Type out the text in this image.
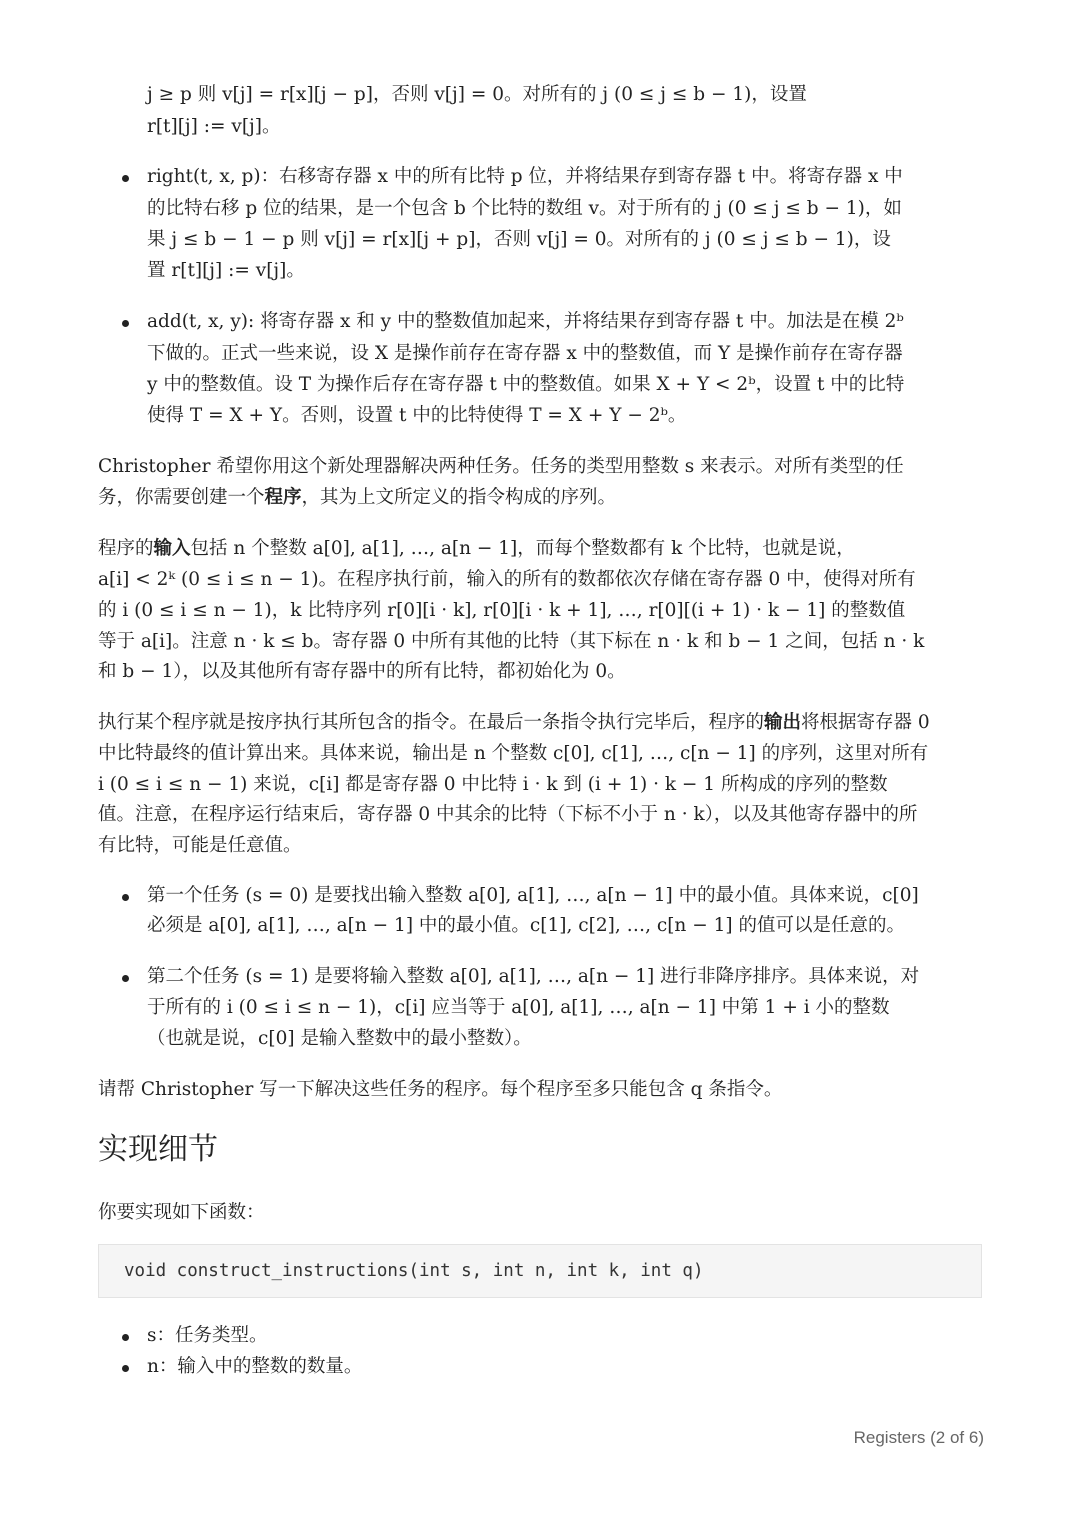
j ≥ p 则 v[j] = r[x][j − p]，否则 v[j] = 0。对所有的 j (0 ≤ j ≤ b − 1)，设置
r[t][j] := v[j]。
right(t, x, p)：右移寄存器 x 中的所有比特 p 位，并将结果存到寄存器 t 中。将寄存器 x 中
的比特右移 p 位的结果，是一个包含 b 个比特的数组 v。对于所有的 j (0 ≤ j ≤ b − 1)，如
果 j ≤ b − 1 − p 则 v[j] = r[x][j + p]，否则 v[j] = 0。对所有的 j (0 ≤ j ≤ b − 1)，设
置 r[t][j] := v[j]。
add(t, x, y): 将寄存器 x 和 y 中的整数值加起来，并将结果存到寄存器 t 中。加法是在模 2ᵇ
下做的。正式一些来说，设 X 是操作前存在寄存器 x 中的整数值，而 Y 是操作前存在寄存器
y 中的整数值。设 T 为操作后存在寄存器 t 中的整数值。如果 X + Y < 2ᵇ，设置 t 中的比特
使得 T = X + Y。否则，设置 t 中的比特使得 T = X + Y − 2ᵇ。
Christopher 希望你用这个新处理器解决两种任务。任务的类型用整数 s 来表示。对所有类型的任
务，你需要创建一个程序，其为上文所定义的指令构成的序列。
程序的输入包括 n 个整数 a[0], a[1], …, a[n − 1]，而每个整数都有 k 个比特，也就是说，
a[i] < 2ᵏ (0 ≤ i ≤ n − 1)。在程序执行前，输入的所有的数都依次存储在寄存器 0 中，使得对所有
的 i (0 ≤ i ≤ n − 1)，k 比特序列 r[0][i · k], r[0][i · k + 1], …, r[0][(i + 1) · k − 1] 的整数值
等于 a[i]。注意 n · k ≤ b。寄存器 0 中所有其他的比特（其下标在 n · k 和 b − 1 之间，包括 n · k
和 b − 1），以及其他所有寄存器中的所有比特，都初始化为 0。
执行某个程序就是按序执行其所包含的指令。在最后一条指令执行完毕后，程序的输出将根据寄存器 0
中比特最终的值计算出来。具体来说，输出是 n 个整数 c[0], c[1], …, c[n − 1] 的序列，这里对所有
i (0 ≤ i ≤ n − 1) 来说，c[i] 都是寄存器 0 中比特 i · k 到 (i + 1) · k − 1 所构成的序列的整数
值。注意，在程序运行结束后，寄存器 0 中其余的比特（下标不小于 n · k），以及其他寄存器中的所
有比特，可能是任意值。
第一个任务 (s = 0) 是要找出输入整数 a[0], a[1], …, a[n − 1] 中的最小值。具体来说，c[0]
必须是 a[0], a[1], …, a[n − 1] 中的最小值。c[1], c[2], …, c[n − 1] 的值可以是任意的。
第二个任务 (s = 1) 是要将输入整数 a[0], a[1], …, a[n − 1] 进行非降序排序。具体来说，对
于所有的 i (0 ≤ i ≤ n − 1)，c[i] 应当等于 a[0], a[1], …, a[n − 1] 中第 1 + i 小的整数
（也就是说，c[0] 是输入整数中的最小整数）。
请帮 Christopher 写一下解决这些任务的程序。每个程序至多只能包含 q 条指令。
实现细节
你要实现如下函数：
void construct_instructions(int s, int n, int k, int q)
s：任务类型。
n：输入中的整数的数量。
Registers (2 of 6)
